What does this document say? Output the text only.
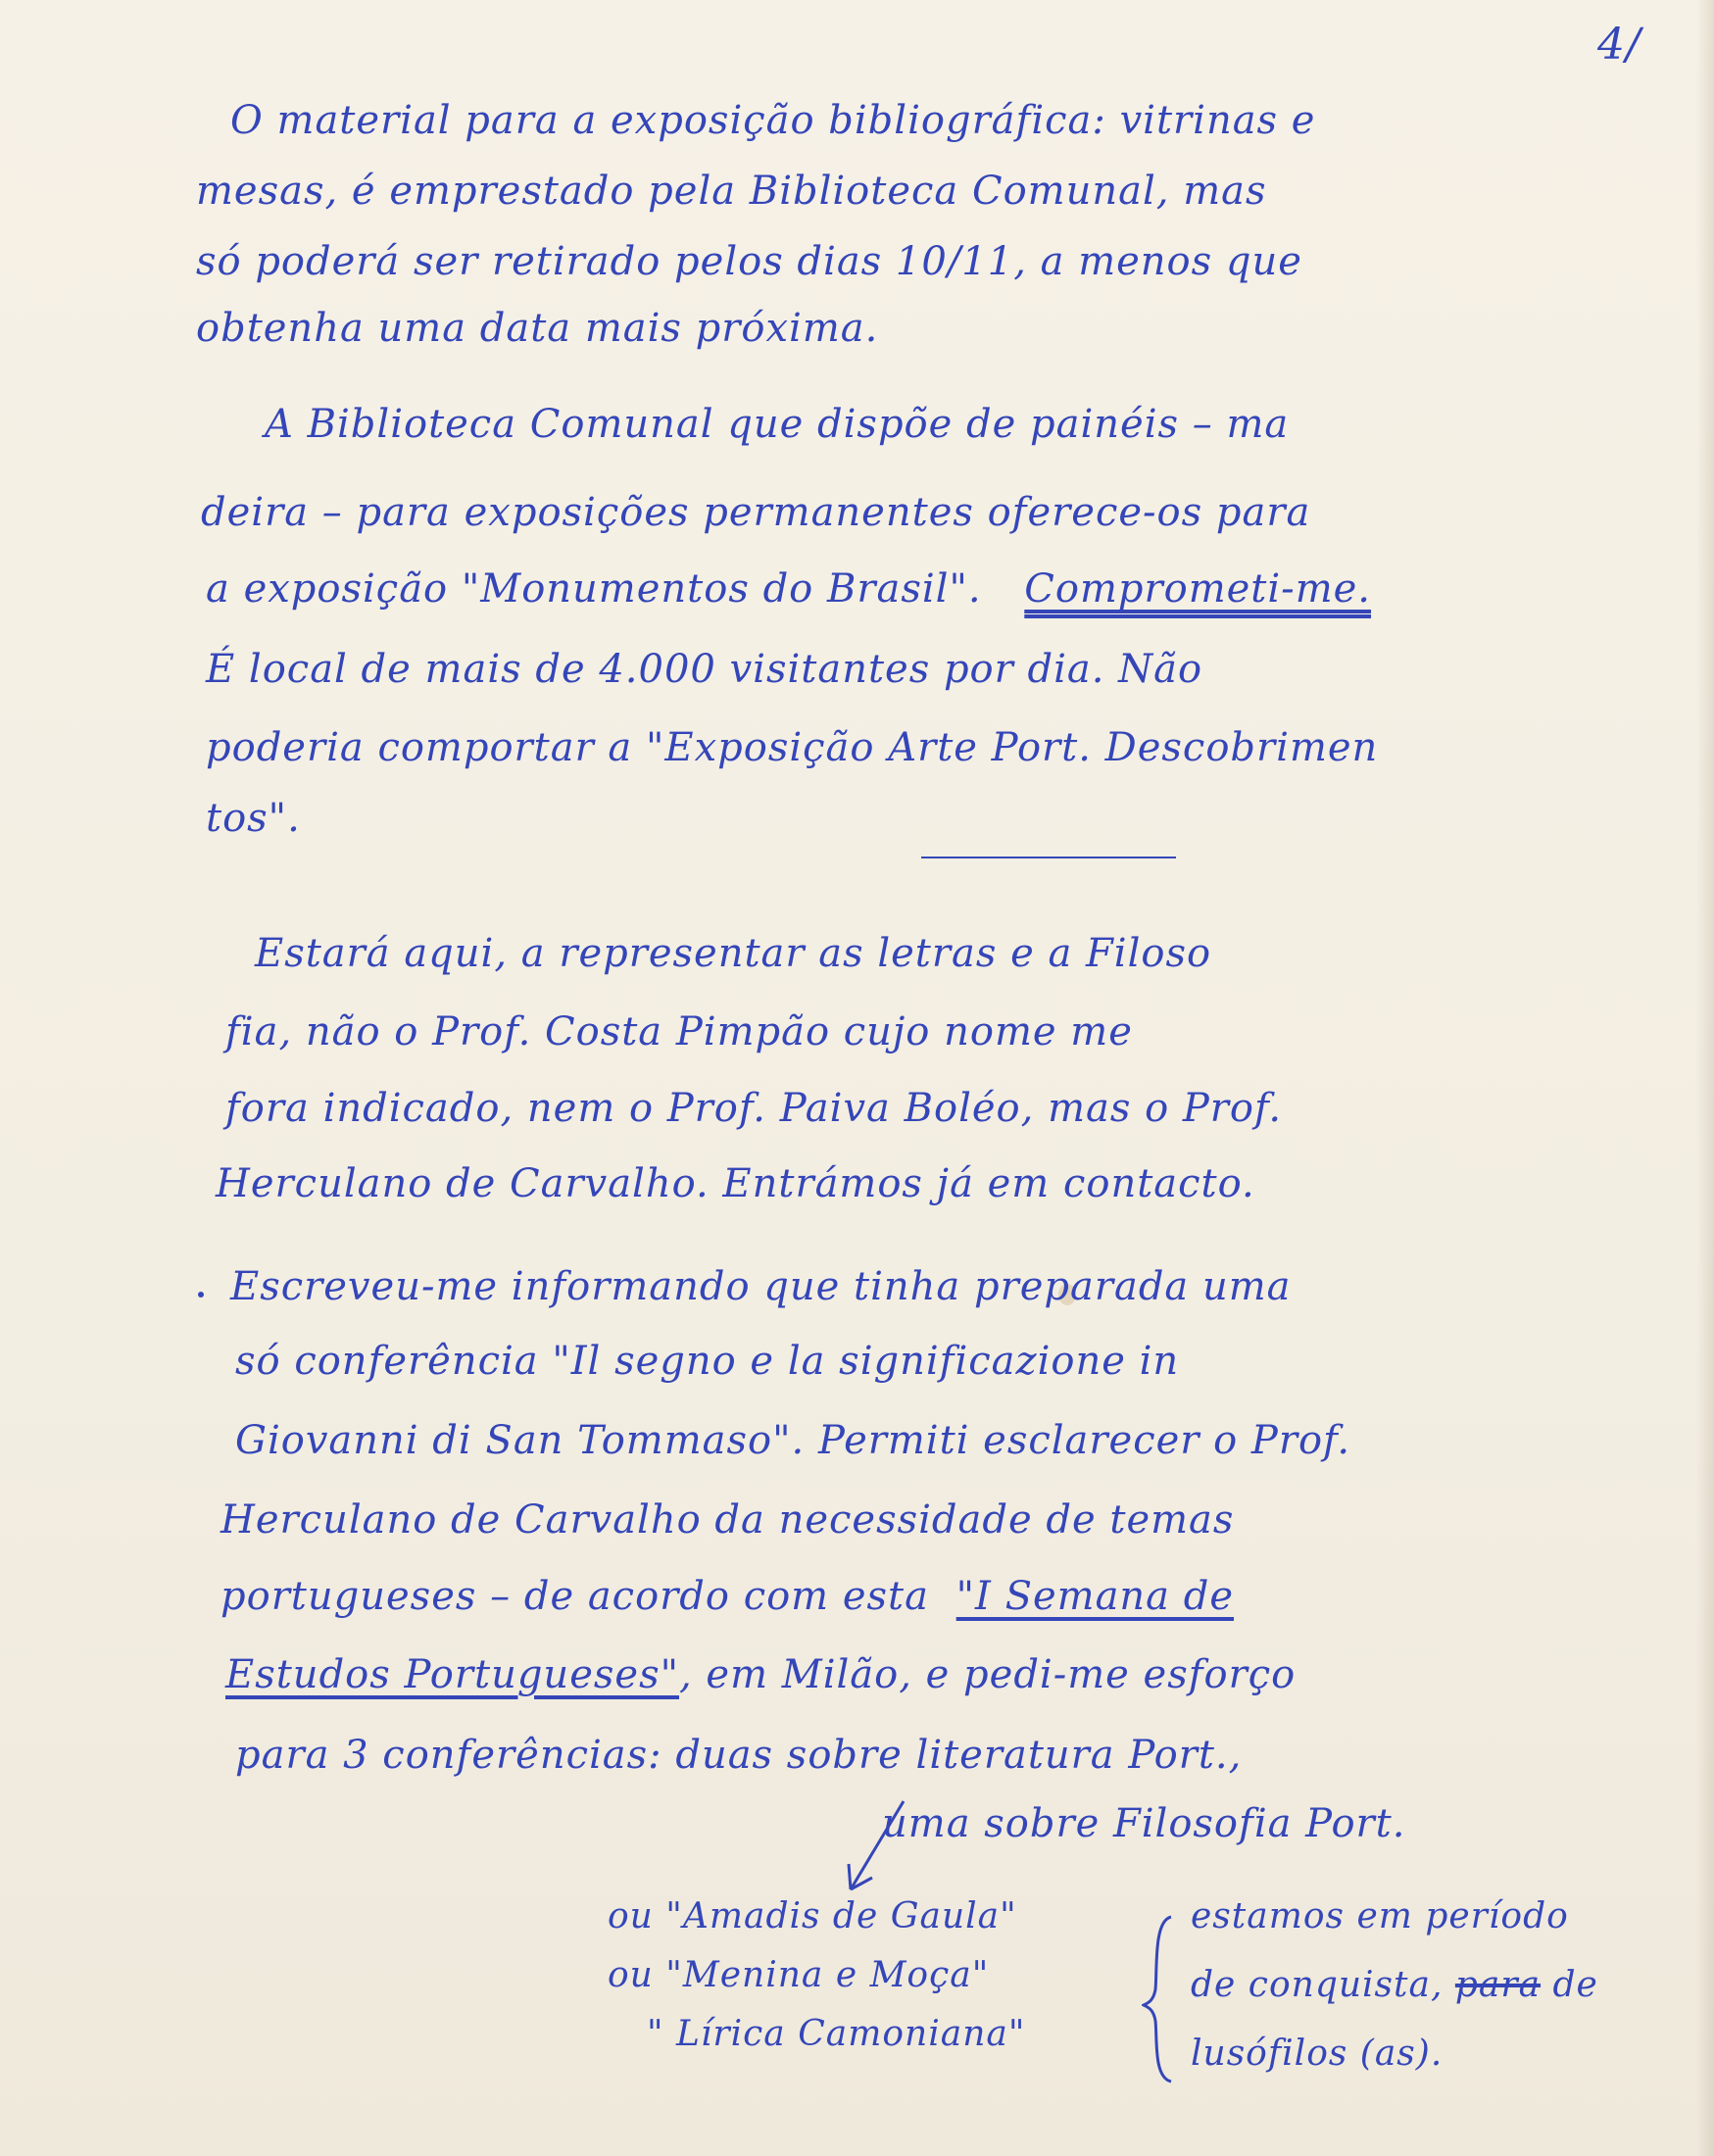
4/
O material para a exposição bibliográfica: vitrinas e
mesas, é emprestado pela Biblioteca Comunal, mas
só poderá ser retirado pelos dias 10/11, a menos que
obtenha uma data mais próxima.
A Biblioteca Comunal que dispõe de painéis – ma
deira – para exposições permanentes oferece-os para
a exposição "Monumentos do Brasil". Comprometi-me.
É local de mais de 4.000 visitantes por dia. Não
poderia comportar a "Exposição Arte Port. Descobrimen
tos".
Estará aqui, a representar as letras e a Filoso
fia, não o Prof. Costa Pimpão cujo nome me
fora indicado, nem o Prof. Paiva Boléo, mas o Prof.
Herculano de Carvalho. Entrámos já em contacto.
Escreveu-me informando que tinha preparada uma
só conferência "Il segno e la significazione in
Giovanni di San Tommaso". Permiti esclarecer o Prof.
Herculano de Carvalho da necessidade de temas
portugueses – de acordo com esta "I Semana de
Estudos Portugueses", em Milão, e pedi-me esforço
para 3 conferências: duas sobre literatura Port.,
uma sobre Filosofia Port.
ou "Amadis de Gaula"
ou "Menina e Moça"
" Lírica Camoniana"
estamos em período
de conquista, para de
lusófilos (as).
